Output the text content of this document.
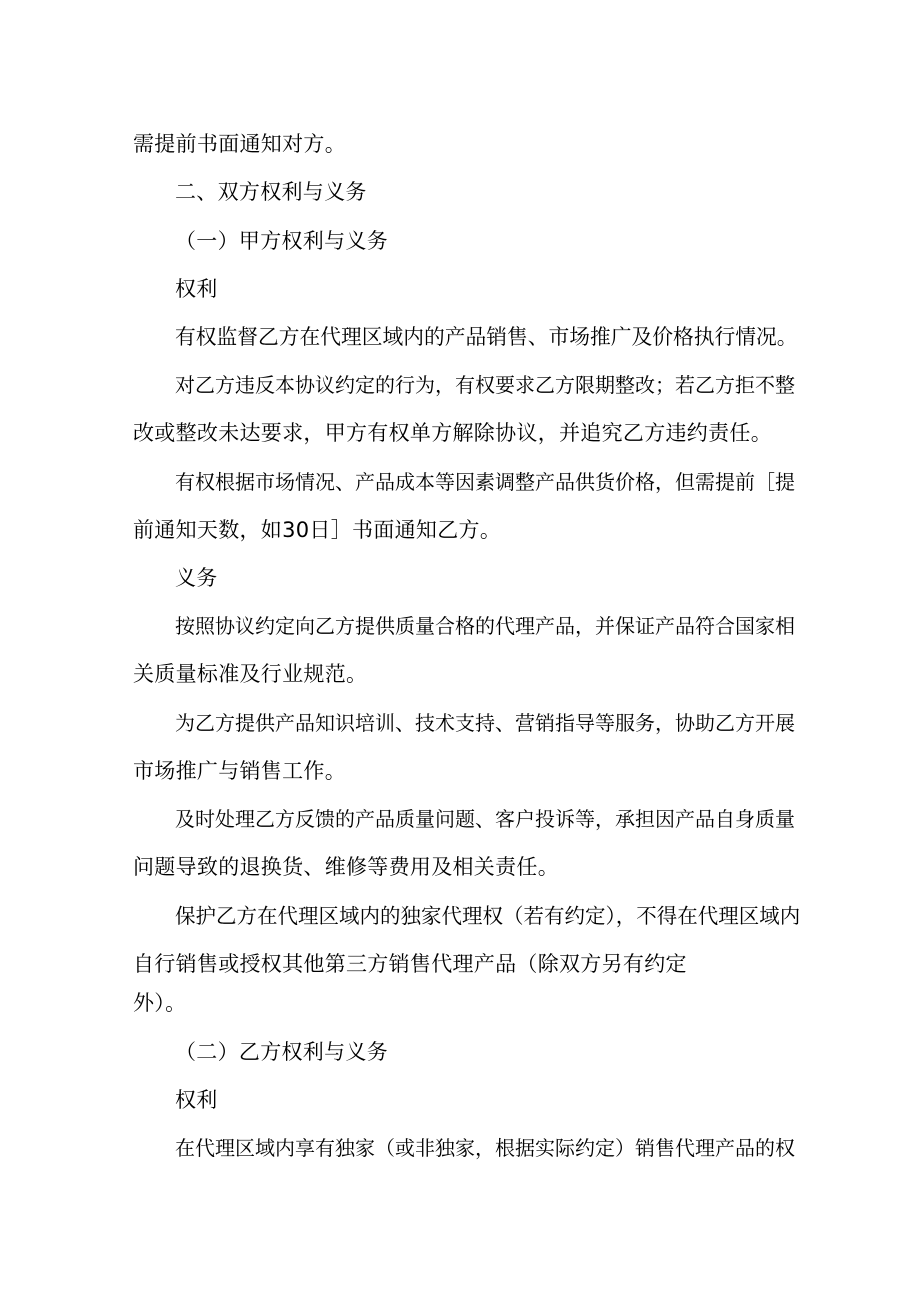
需提前书面通知对方。
二、双方权利与义务
（一）甲方权利与义务
权利
有权监督乙方在代理区域内的产品销售、市场推广及价格执行情况。
对乙方违反本协议约定的行为，有权要求乙方限期整改；若乙方拒不整
改或整改未达要求，甲方有权单方解除协议，并追究乙方违约责任。
有权根据市场情况、产品成本等因素调整产品供货价格，但需提前［提
前通知天数，如30日］书面通知乙方。
义务
按照协议约定向乙方提供质量合格的代理产品，并保证产品符合国家相
关质量标准及行业规范。
为乙方提供产品知识培训、技术支持、营销指导等服务，协助乙方开展
市场推广与销售工作。
及时处理乙方反馈的产品质量问题、客户投诉等，承担因产品自身质量
问题导致的退换货、维修等费用及相关责任。
保护乙方在代理区域内的独家代理权（若有约定），不得在代理区域内
自行销售或授权其他第三方销售代理产品（除双方另有约定
外）。
（二）乙方权利与义务
权利
在代理区域内享有独家（或非独家，根据实际约定）销售代理产品的权
